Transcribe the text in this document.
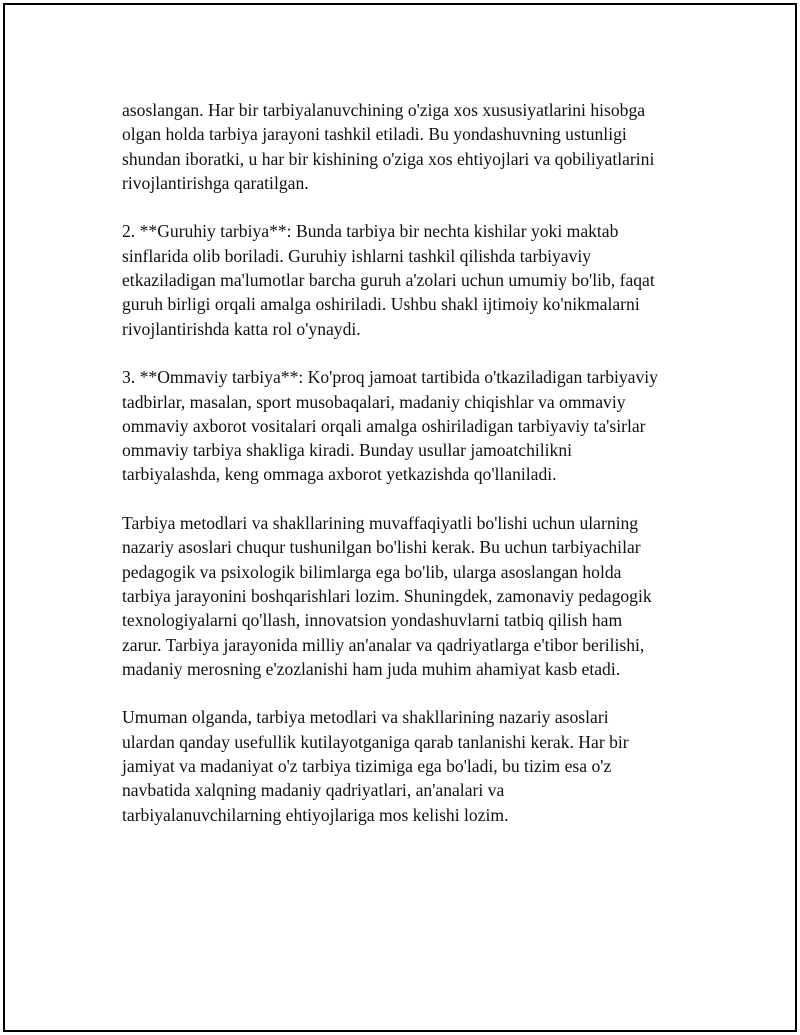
asoslangan. Har bir tarbiyalanuvchining o'ziga xos xususiyatlarini hisobga
olgan holda tarbiya jarayoni tashkil etiladi. Bu yondashuvning ustunligi
shundan iboratki, u har bir kishining o'ziga xos ehtiyojlari va qobiliyatlarini
rivojlantirishga qaratilgan.

2. **Guruhiy tarbiya**: Bunda tarbiya bir nechta kishilar yoki maktab
sinflarida olib boriladi. Guruhiy ishlarni tashkil qilishda tarbiyaviy
etkaziladigan ma'lumotlar barcha guruh a'zolari uchun umumiy bo'lib, faqat
guruh birligi orqali amalga oshiriladi. Ushbu shakl ijtimoiy ko'nikmalarni
rivojlantirishda katta rol o'ynaydi.

3. **Ommaviy tarbiya**: Ko'proq jamoat tartibida o'tkaziladigan tarbiyaviy
tadbirlar, masalan, sport musobaqalari, madaniy chiqishlar va ommaviy
ommaviy axborot vositalari orqali amalga oshiriladigan tarbiyaviy ta'sirlar
ommaviy tarbiya shakliga kiradi. Bunday usullar jamoatchilikni
tarbiyalashda, keng ommaga axborot yetkazishda qo'llaniladi.

Tarbiya metodlari va shakllarining muvaffaqiyatli bo'lishi uchun ularning
nazariy asoslari chuqur tushunilgan bo'lishi kerak. Bu uchun tarbiyachilar
pedagogik va psixologik bilimlarga ega bo'lib, ularga asoslangan holda
tarbiya jarayonini boshqarishlari lozim. Shuningdek, zamonaviy pedagogik
texnologiyalarni qo'llash, innovatsion yondashuvlarni tatbiq qilish ham
zarur. Tarbiya jarayonida milliy an'analar va qadriyatlarga e'tibor berilishi,
madaniy merosning e'zozlanishi ham juda muhim ahamiyat kasb etadi.

Umuman olganda, tarbiya metodlari va shakllarining nazariy asoslari
ulardan qanday usefullik kutilayotganiga qarab tanlanishi kerak. Har bir
jamiyat va madaniyat o'z tarbiya tizimiga ega bo'ladi, bu tizim esa o'z
navbatida xalqning madaniy qadriyatlari, an'analari va
tarbiyalanuvchilarning ehtiyojlariga mos kelishi lozim.
